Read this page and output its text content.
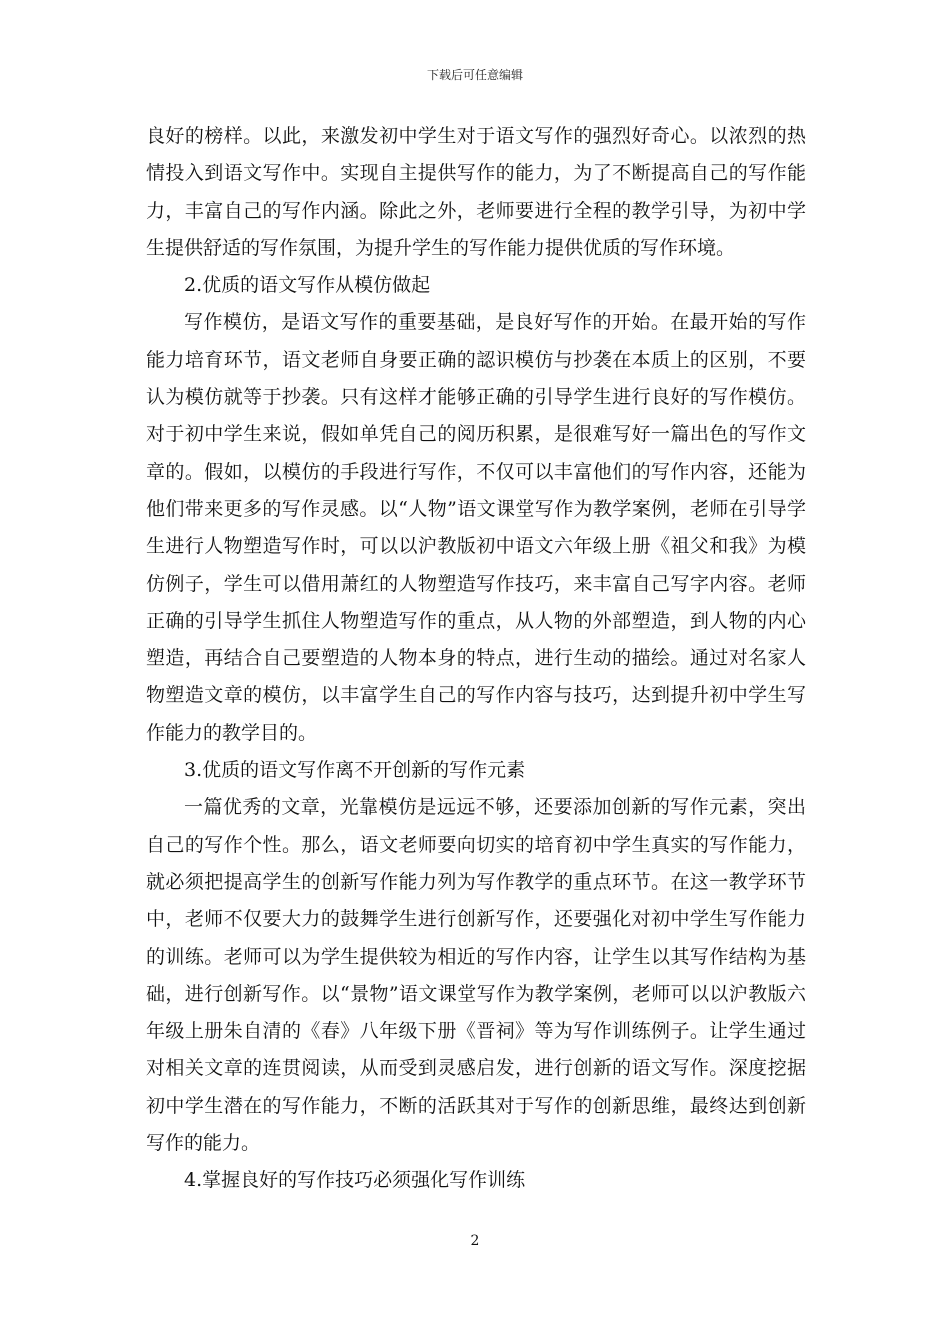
下载后可任意编辑

良好的榜样。以此，来激发初中学生对于语文写作的强烈好奇心。以浓烈的热情投入到语文写作中。实现自主提供写作的能力，为了不断提高自己的写作能力，丰富自己的写作内涵。除此之外，老师要进行全程的教学引导，为初中学生提供舒适的写作氛围，为提升学生的写作能力提供优质的写作环境。

2.优质的语文写作从模仿做起

写作模仿，是语文写作的重要基础，是良好写作的开始。在最开始的写作能力培育环节，语文老师自身要正确的認识模仿与抄袭在本质上的区别，不要认为模仿就等于抄袭。只有这样才能够正确的引导学生进行良好的写作模仿。对于初中学生来说，假如单凭自己的阅历积累，是很难写好一篇出色的写作文章的。假如，以模仿的手段进行写作，不仅可以丰富他们的写作内容，还能为他们带来更多的写作灵感。以“人物”语文课堂写作为教学案例，老师在引导学生进行人物塑造写作时，可以以沪教版初中语文六年级上册《祖父和我》为模仿例子，学生可以借用萧红的人物塑造写作技巧，来丰富自己写字内容。老师正确的引导学生抓住人物塑造写作的重点，从人物的外部塑造，到人物的内心塑造，再结合自己要塑造的人物本身的特点，进行生动的描绘。通过对名家人物塑造文章的模仿，以丰富学生自己的写作内容与技巧，达到提升初中学生写作能力的教学目的。

3.优质的语文写作离不开创新的写作元素

一篇优秀的文章，光靠模仿是远远不够，还要添加创新的写作元素，突出自己的写作个性。那么，语文老师要向切实的培育初中学生真实的写作能力，就必须把提高学生的创新写作能力列为写作教学的重点环节。在这一教学环节中，老师不仅要大力的鼓舞学生进行创新写作，还要强化对初中学生写作能力的训练。老师可以为学生提供较为相近的写作内容，让学生以其写作结构为基础，进行创新写作。以“景物”语文课堂写作为教学案例，老师可以以沪教版六年级上册朱自清的《春》八年级下册《晋祠》等为写作训练例子。让学生通过对相关文章的连贯阅读，从而受到灵感启发，进行创新的语文写作。深度挖据初中学生潜在的写作能力，不断的活跃其对于写作的创新思维，最终达到创新写作的能力。

4.掌握良好的写作技巧必须强化写作训练

2
